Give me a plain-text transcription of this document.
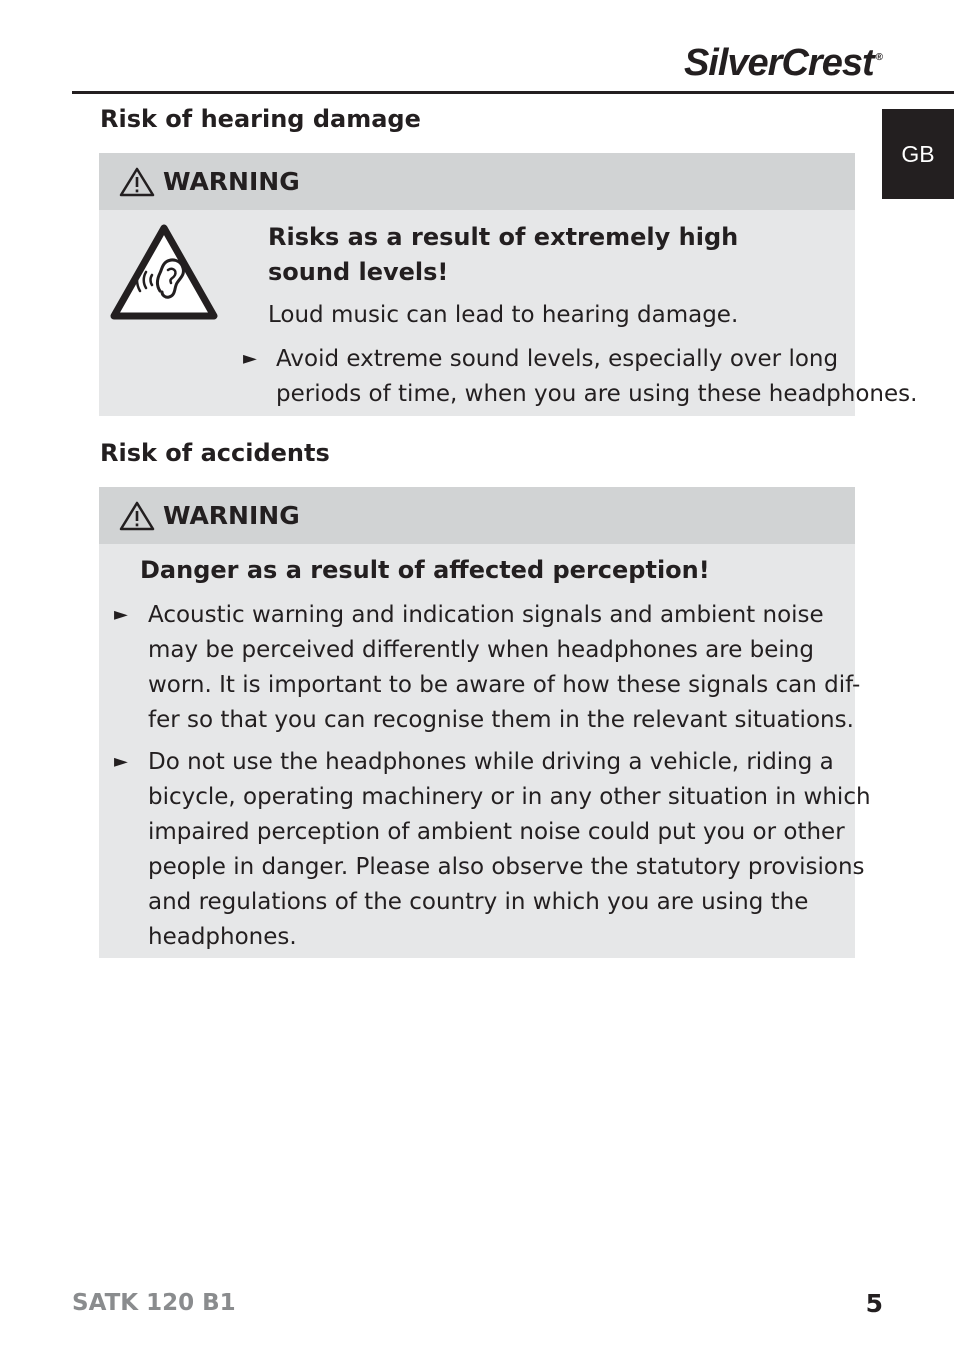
SilverCrest ®
GB
Risk of hearing damage
WARNING
Risks as a result of extremely high
sound levels!
Loud music can lead to hearing damage.
► Avoid extreme sound levels, especially over long
periods of time, when you are using these headphones.
Risk of accidents
WARNING
Danger as a result of affected perception!
► Acoustic warning and indication signals and ambient noise
may be perceived differently when headphones are being
worn. It is important to be aware of how these signals can dif-
fer so that you can recognise them in the relevant situations.
► Do not use the headphones while driving a vehicle, riding a
bicycle, operating machinery or in any other situation in which
impaired perception of ambient noise could put you or other
people in danger. Please also observe the statutory provisions
and regulations of the country in which you are using the
headphones.
SATK 120 B1	5
